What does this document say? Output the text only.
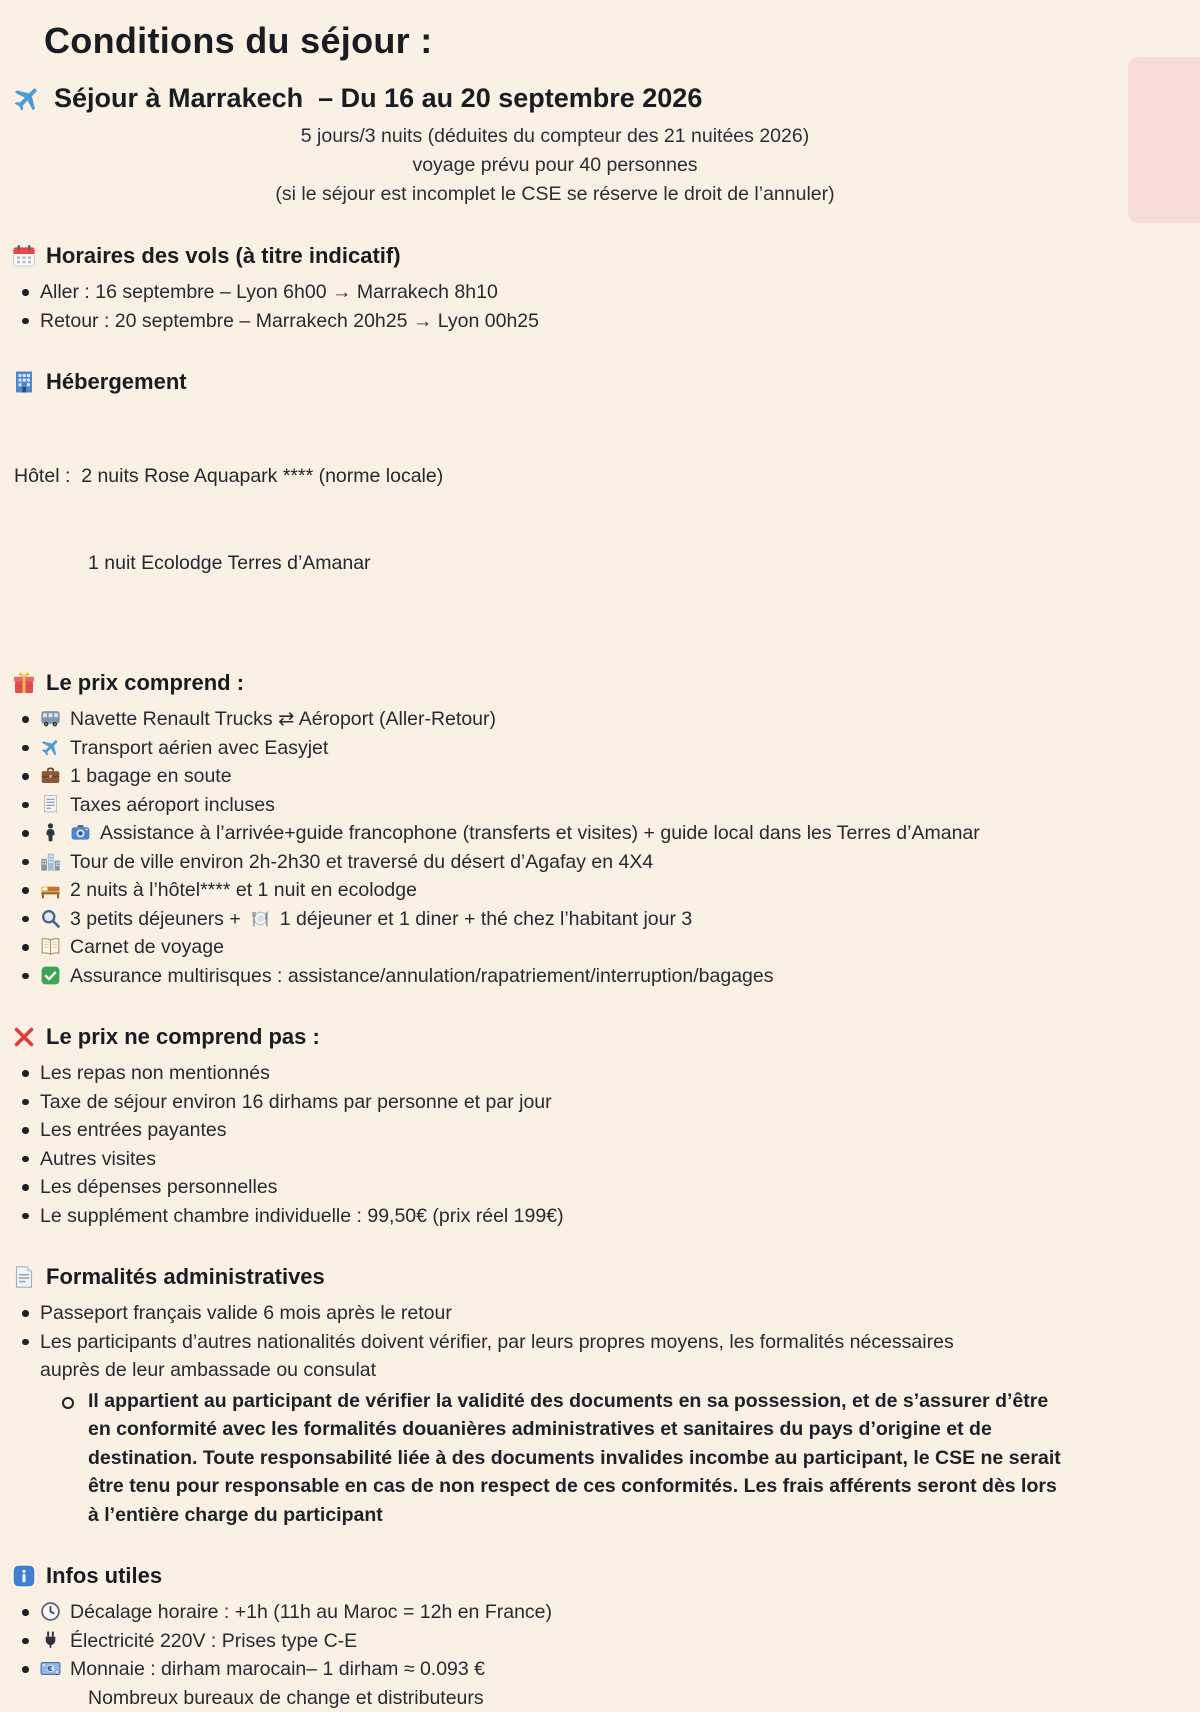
Conditions du séjour :
Séjour à Marrakech  – Du 16 au 20 septembre 2026
5 jours/3 nuits (déduites du compteur des 21 nuitées 2026)
voyage prévu pour 40 personnes
(si le séjour est incomplet le CSE se réserve le droit de l’annuler)
Horaires des vols (à titre indicatif)
Aller : 16 septembre – Lyon 6h00 → Marrakech 8h10
Retour : 20 septembre – Marrakech 20h25 → Lyon 00h25
Hébergement

Hôtel :  2 nuits Rose Aquapark **** (norme locale)

1 nuit Ecolodge Terres d’Amanar

Le prix comprend :
Navette Renault Trucks ⇄ Aéroport (Aller-Retour)
Transport aérien avec Easyjet
1 bagage en soute
Taxes aéroport incluses
Assistance à l’arrivée+guide francophone (transferts et visites) + guide local dans les Terres d’Amanar
Tour de ville environ 2h-2h30 et traversé du désert d’Agafay en 4X4
2 nuits à l’hôtel**** et 1 nuit en ecolodge
3 petits déjeuners + 1 déjeuner et 1 diner + thé chez l’habitant jour 3
Carnet de voyage
Assurance multirisques : assistance/annulation/rapatriement/interruption/bagages
Le prix ne comprend pas :
Les repas non mentionnés
Taxe de séjour environ 16 dirhams par personne et par jour
Les entrées payantes
Autres visites
Les dépenses personnelles
Le supplément chambre individuelle : 99,50€ (prix réel 199€)
Formalités administratives
Passeport français valide 6 mois après le retour
Les participants d’autres nationalités doivent vérifier, par leurs propres moyens, les formalités nécessaires auprès de leur ambassade ou consulat

Il appartient au participant de vérifier la validité des documents en sa possession, et de s’assurer d’être en conformité avec les formalités douanières administratives et sanitaires du pays d’origine et de destination. Toute responsabilité liée à des documents invalides incombe au participant, le CSE ne serait être tenu pour responsable en cas de non respect de ces conformités. Les frais afférents seront dès lors à l’entière charge du participant

Infos utiles
Décalage horaire : +1h (11h au Maroc = 12h en France)
Électricité 220V : Prises type C-E
Monnaie : dirham marocain– 1 dirham ≈ 0.093 €
Nombreux bureaux de change et distributeurs
